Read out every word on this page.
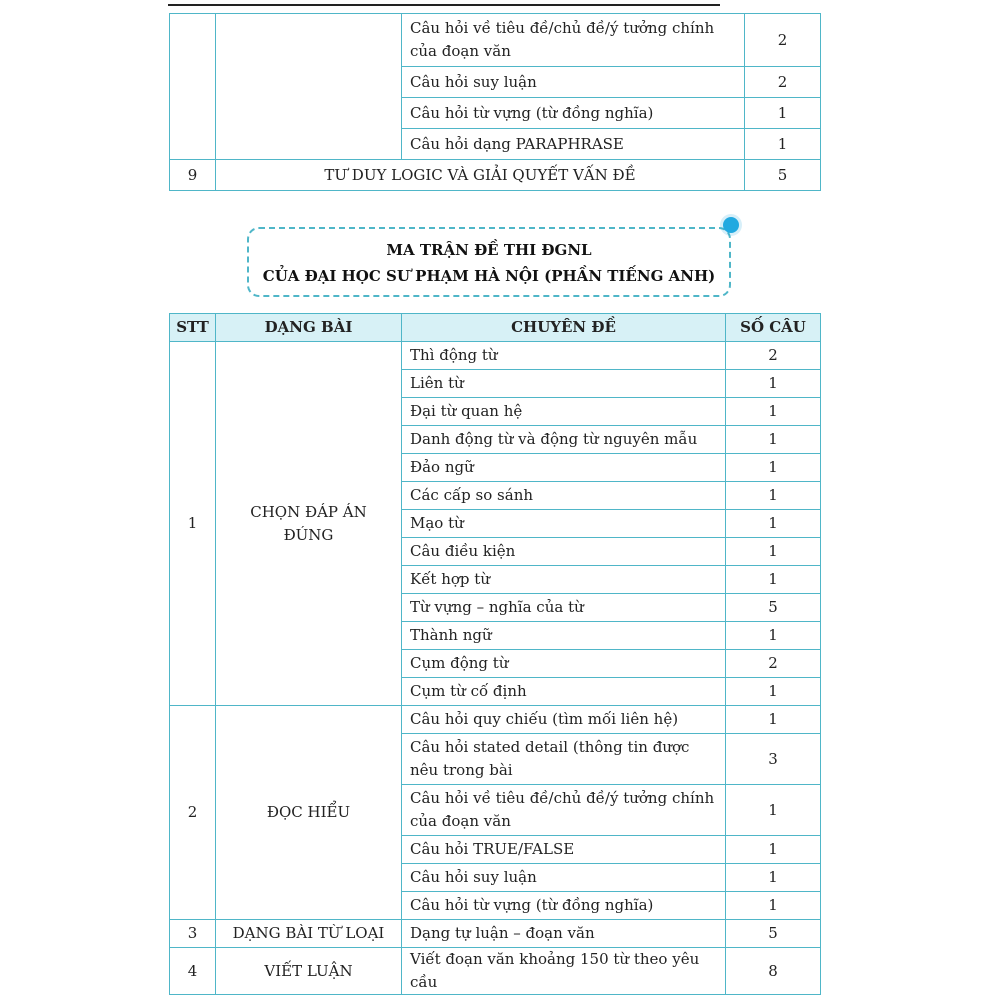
		Câu hỏi về tiêu đề/chủ đề/ý tưởng chính của đoạn văn	2
		Câu hỏi suy luận	2
		Câu hỏi từ vựng (từ đồng nghĩa)	1
		Câu hỏi dạng PARAPHRASE	1
9	TƯ DUY LOGIC VÀ GIẢI QUYẾT VẤN ĐỀ		5
MA TRẬN ĐỀ THI ĐGNL
CỦA ĐẠI HỌC SƯ PHẠM HÀ NỘI (PHẦN TIẾNG ANH)
STT	DẠNG BÀI	CHUYÊN ĐỀ	SỐ CÂU
1	CHỌN ĐÁP ÁN ĐÚNG	Thì động từ	2
		Liên từ	1
		Đại từ quan hệ	1
		Danh động từ và động từ nguyên mẫu	1
		Đảo ngữ	1
		Các cấp so sánh	1
		Mạo từ	1
		Câu điều kiện	1
		Kết hợp từ	1
		Từ vựng – nghĩa của từ	5
		Thành ngữ	1
		Cụm động từ	2
		Cụm từ cố định	1
2	ĐỌC HIỂU	Câu hỏi quy chiếu (tìm mối liên hệ)	1
		Câu hỏi stated detail (thông tin được nêu trong bài	3
		Câu hỏi về tiêu đề/chủ đề/ý tưởng chính của đoạn văn	1
		Câu hỏi TRUE/FALSE	1
		Câu hỏi suy luận	1
		Câu hỏi từ vựng (từ đồng nghĩa)	1
3	DẠNG BÀI TỪ LOẠI	Dạng tự luận – đoạn văn	5
4	VIẾT LUẬN	Viết đoạn văn khoảng 150 từ theo yêu cầu	8
